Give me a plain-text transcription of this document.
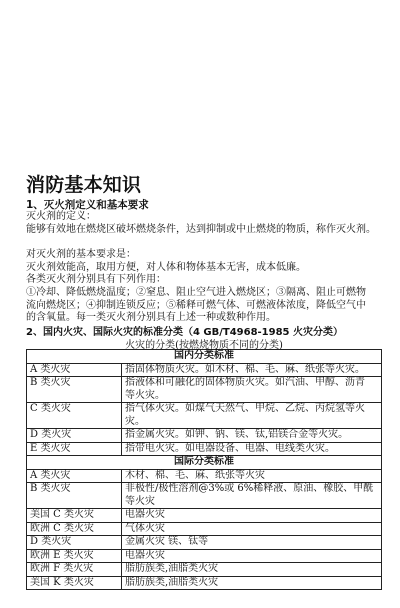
消防基本知识
1、灭火剂定义和基本要求
灭火剂的定义：
能够有效地在燃烧区破坏燃烧条件，达到抑制或中止燃烧的物质，称作灭火剂。
对灭火剂的基本要求是：
灭火剂效能高，取用方便，对人体和物体基本无害，成本低廉。
各类灭火剂分别具有下列作用：
①冷却、降低燃烧温度；②窒息、阻止空气进入燃烧区；③隔离、阻止可燃物
流向燃烧区；④抑制连锁反应；⑤稀释可燃气体、可燃液体浓度，降低空气中
的含氧量。每一类灭火剂分别具有上述一种或数种作用。
2、国内火灾、国际火灾的标准分类（4 GB/T4968-1985 火灾分类）
火灾的分类(按燃烧物质不同的分类)
国内分类标准	
A 类火灾	指固体物质火灾。如木材、棉、毛、麻、纸张等火灾。

B 类火灾	指液体和可融化的固体物质火灾。如汽油、甲醇、沥青
等火灾。

C 类火灾	指气体火灾。如煤气天然气、甲烷、乙烷、丙烷氢等火
灾。

D 类火灾	指金属火灾。如钾、钠、镁、钛,铝镁合金等火灾。

E 类火灾	指带电火灾。如电器设备、电器、电线类火灾。

国际分类标准	
A 类火灾	木材、棉、毛、麻、纸张等火灾

B 类火灾	非极性/极性溶剂@3%或 6%稀释液、原油、橡胶、甲酰
等火灾

美国 C 类火灾	电器火灾

欧洲 C 类火灾	气体火灾

D 类火灾	金属火灾 镁、钛等

欧洲 E 类火灾	电器火灾

欧洲 F 类火灾	脂肪族类,油脂类火灾

美国 K 类火灾	脂肪族类,油脂类火灾
